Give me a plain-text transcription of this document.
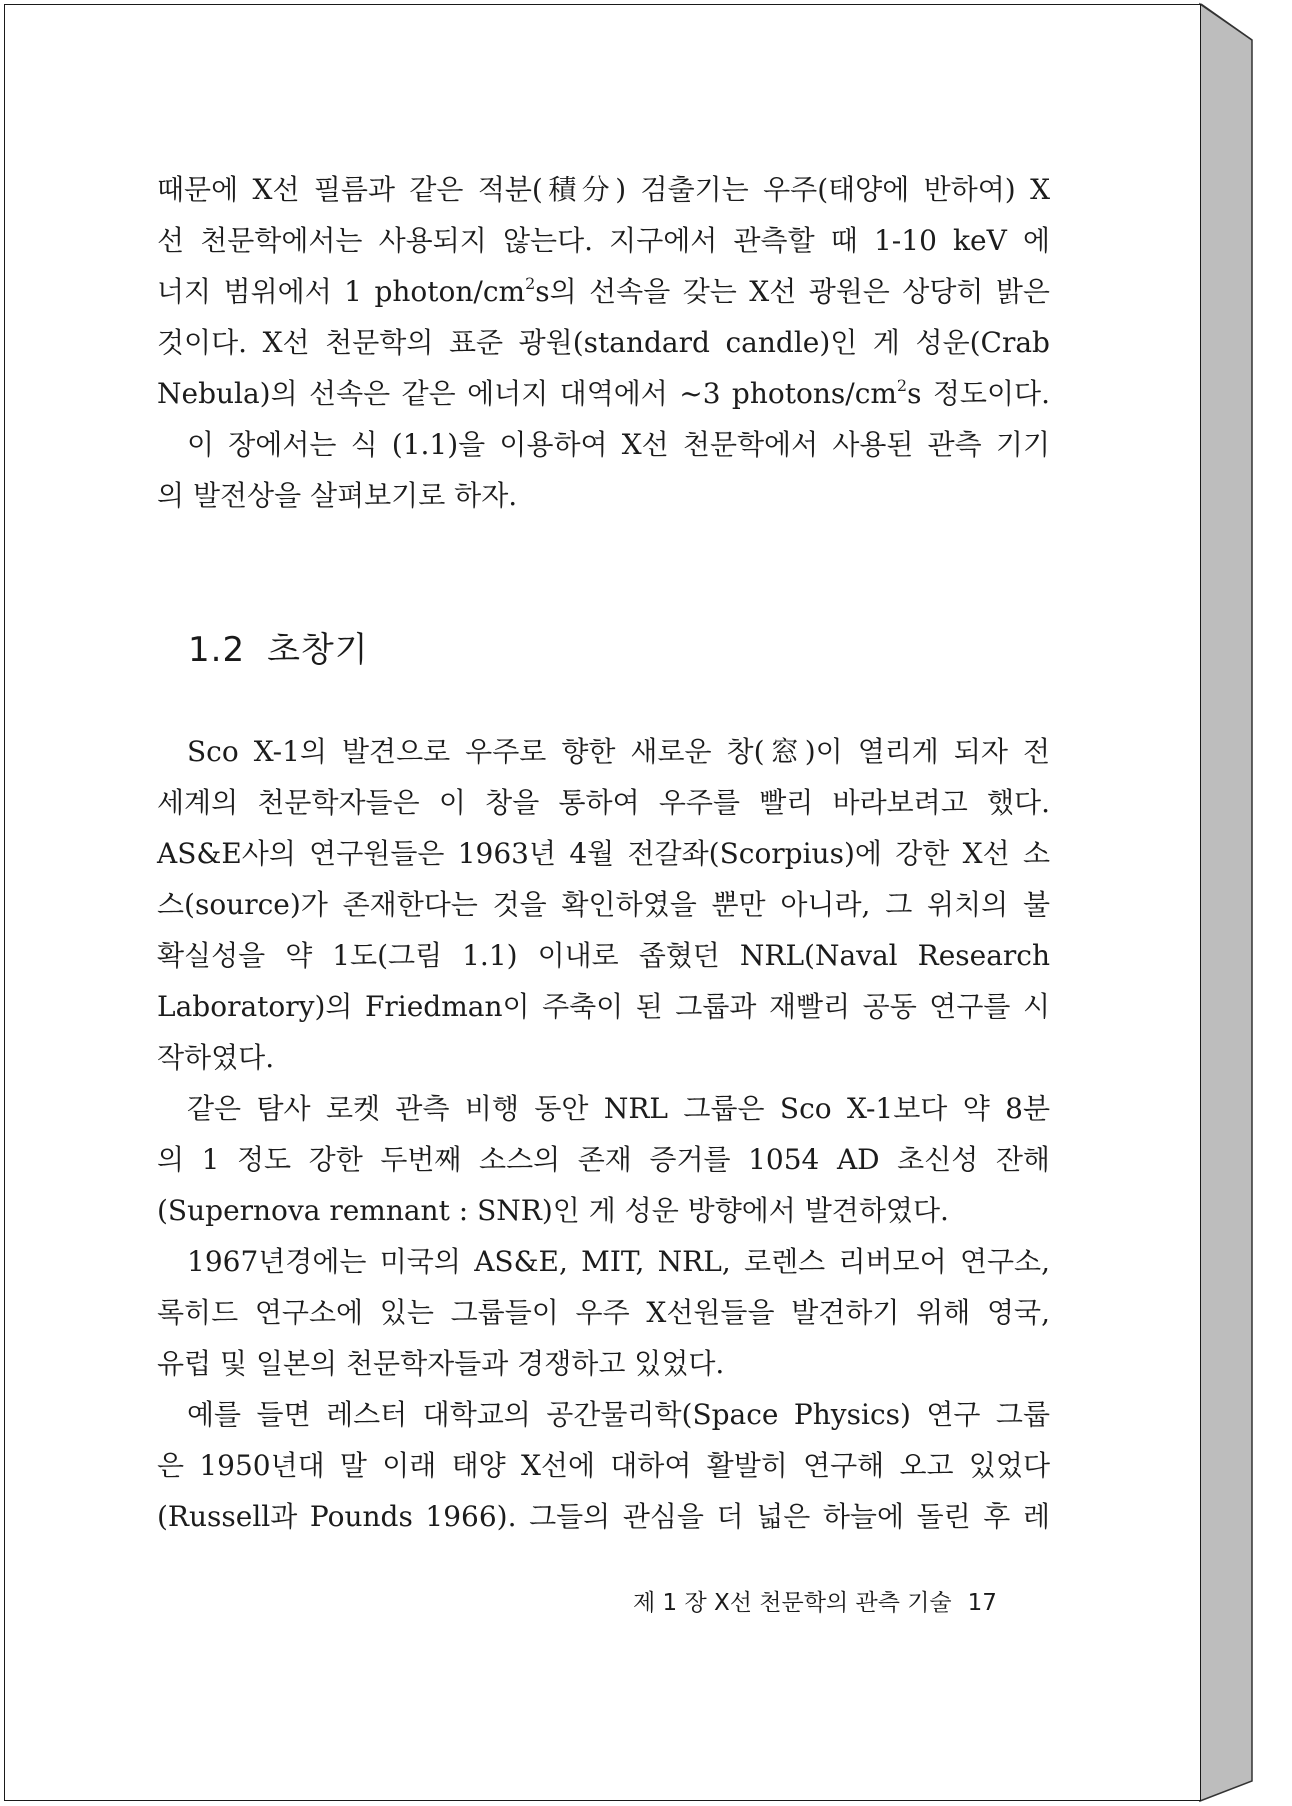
때문에 X선 필름과 같은 적분(積分) 검출기는 우주(태양에 반하여) X

선 천문학에서는 사용되지 않는다. 지구에서 관측할 때 1-10 keV 에

너지 범위에서 1 photon/$cm^2s$의 선속을 갖는 X선 광원은 상당히 밝은

것이다. X선 천문학의 표준 광원(standard candle)인 게 성운(Crab

Nebula)의 선속은 같은 에너지 대역에서 ~3 photons/$cm^2s$ 정도이다.

이 장에서는 식 (1.1)을 이용하여 X선 천문학에서 사용된 관측 기기

의 발전상을 살펴보기로 하자.

1.2 초창기

Sco X-1의 발견으로 우주로 향한 새로운 창(窓)이 열리게 되자 전

세계의 천문학자들은 이 창을 통하여 우주를 빨리 바라보려고 했다.

AS&E사의 연구원들은 1963년 4월 전갈좌(Scorpius)에 강한 X선 소

스(source)가 존재한다는 것을 확인하였을 뿐만 아니라, 그 위치의 불

확실성을 약 1도(그림 1.1) 이내로 좁혔던 NRL(Naval Research

Laboratory)의 Friedman이 주축이 된 그룹과 재빨리 공동 연구를 시

작하였다.

같은 탐사 로켓 관측 비행 동안 NRL 그룹은 Sco X-1보다 약 8분

의 1 정도 강한 두번째 소스의 존재 증거를 1054 AD 초신성 잔해

(Supernova remnant : SNR)인 게 성운 방향에서 발견하였다.

1967년경에는 미국의 AS&E, MIT, NRL, 로렌스 리버모어 연구소,

록히드 연구소에 있는 그룹들이 우주 X선원들을 발견하기 위해 영국,

유럽 및 일본의 천문학자들과 경쟁하고 있었다.

예를 들면 레스터 대학교의 공간물리학(Space Physics) 연구 그룹

은 1950년대 말 이래 태양 X선에 대하여 활발히 연구해 오고 있었다

(Russell과 Pounds 1966). 그들의 관심을 더 넓은 하늘에 돌린 후 레

제 1 장 X선 천문학의 관측 기술 17
